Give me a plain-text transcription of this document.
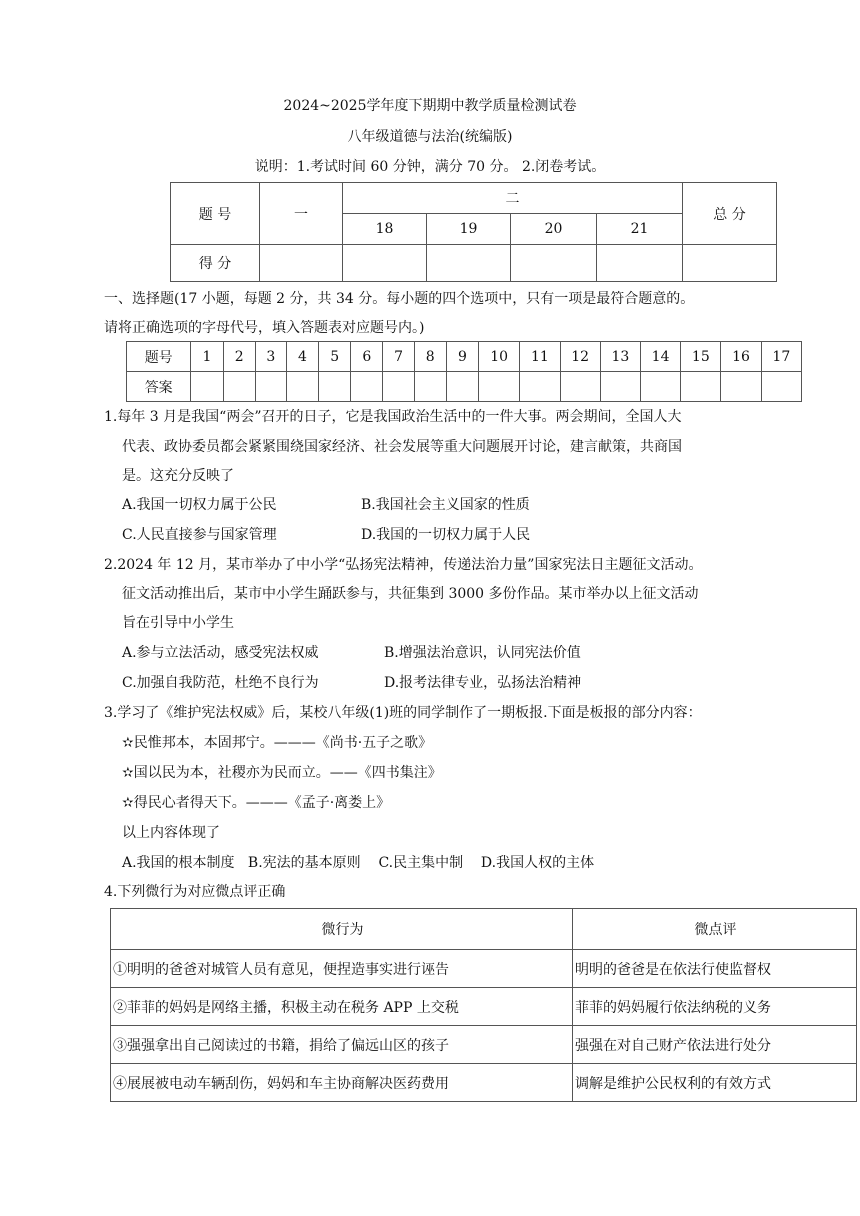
2024~2025学年度下期期中教学质量检测试卷
八年级道德与法治(统编版)
说明：1.考试时间 60 分钟，满分 70 分。 2.闭卷考试。
题 号	一	二				总 分
		18	19	20	21	
得 分						
一、选择题(17 小题，每题 2 分，共 34 分。每小题的四个选项中，只有一项是最符合题意的。
请将正确选项的字母代号，填入答题表对应题号内。)
题号	1	2	3	4	5	6	7	8	9	10	11	12	13	14	15	16	17
答案																	
1.每年 3 月是我国“两会”召开的日子，它是我国政治生活中的一件大事。两会期间，全国人大
代表、政协委员都会紧紧围绕国家经济、社会发展等重大问题展开讨论，建言献策，共商国
是。这充分反映了
A.我国一切权力属于公民	B.我国社会主义国家的性质
C.人民直接参与国家管理	D.我国的一切权力属于人民
2.2024 年 12 月，某市举办了中小学“弘扬宪法精神，传递法治力量”国家宪法日主题征文活动。
征文活动推出后，某市中小学生踊跃参与，共征集到 3000 多份作品。某市举办以上征文活动
旨在引导中小学生
A.参与立法活动，感受宪法权威	B.增强法治意识，认同宪法价值
C.加强自我防范，杜绝不良行为	D.报考法律专业，弘扬法治精神
3.学习了《维护宪法权威》后，某校八年级(1)班的同学制作了一期板报.下面是板报的部分内容：
✫民惟邦本，本固邦宁。———《尚书·五子之歌》
✫国以民为本，社稷亦为民而立。——《四书集注》
✫得民心者得天下。———《孟子·离娄上》
以上内容体现了
A.我国的根本制度   B.宪法的基本原则    C.民主集中制    D.我国人权的主体
4.下列微行为对应微点评正确
微行为	微点评
①明明的爸爸对城管人员有意见，便捏造事实进行诬告	明明的爸爸是在依法行使监督权
②菲菲的妈妈是网络主播，积极主动在税务 APP 上交税	菲菲的妈妈履行依法纳税的义务
③强强拿出自己阅读过的书籍，捐给了偏远山区的孩子	强强在对自己财产依法进行处分
④展展被电动车辆刮伤，妈妈和车主协商解决医药费用	调解是维护公民权利的有效方式
